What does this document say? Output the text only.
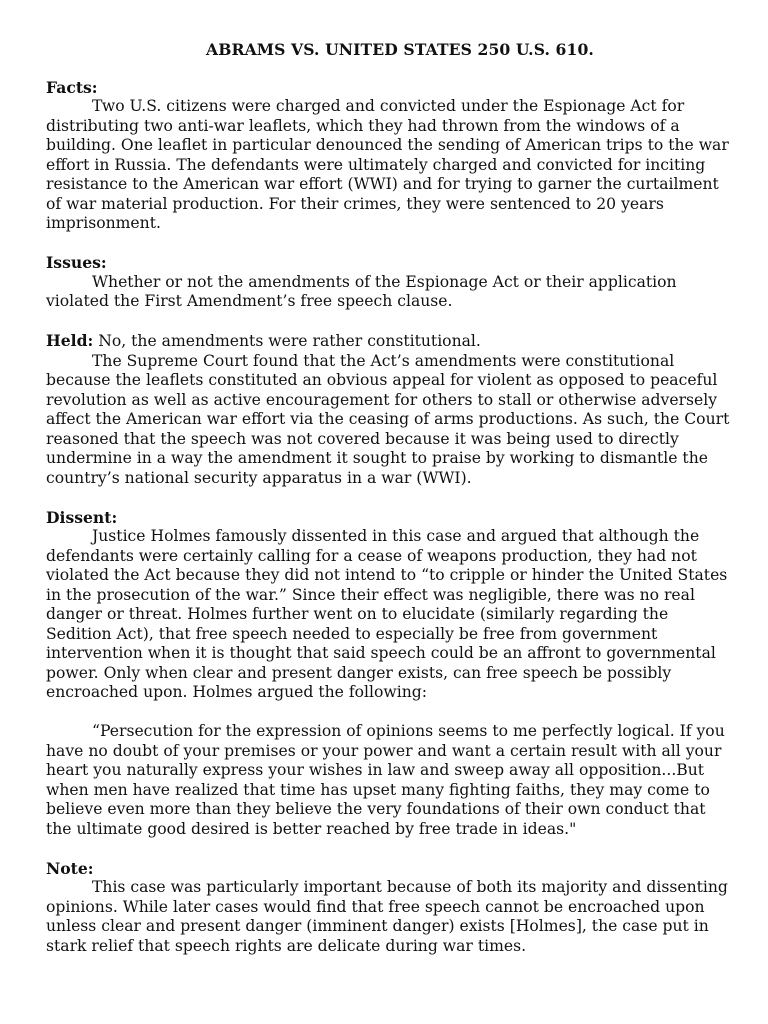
ABRAMS VS. UNITED STATES 250 U.S. 610.

Facts:

Two U.S. citizens were charged and convicted under the Espionage Act for distributing two anti-war leaflets, which they had thrown from the windows of a building. One leaflet in particular denounced the sending of American trips to the war effort in Russia. The defendants were ultimately charged and convicted for inciting resistance to the American war effort (WWI) and for trying to garner the curtailment of war material production. For their crimes, they were sentenced to 20 years imprisonment.

Issues:

Whether or not the amendments of the Espionage Act or their application violated the First Amendment’s free speech clause.

Held: No, the amendments were rather constitutional.

The Supreme Court found that the Act’s amendments were constitutional because the leaflets constituted an obvious appeal for violent as opposed to peaceful revolution as well as active encouragement for others to stall or otherwise adversely affect the American war effort via the ceasing of arms productions. As such, the Court reasoned that the speech was not covered because it was being used to directly undermine in a way the amendment it sought to praise by working to dismantle the country’s national security apparatus in a war (WWI).

Dissent:

Justice Holmes famously dissented in this case and argued that although the defendants were certainly calling for a cease of weapons production, they had not violated the Act because they did not intend to “to cripple or hinder the United States in the prosecution of the war.” Since their effect was negligible, there was no real danger or threat. Holmes further went on to elucidate (similarly regarding the Sedition Act), that free speech needed to especially be free from government intervention when it is thought that said speech could be an affront to governmental power. Only when clear and present danger exists, can free speech be possibly encroached upon. Holmes argued the following:

“Persecution for the expression of opinions seems to me perfectly logical. If you have no doubt of your premises or your power and want a certain result with all your heart you naturally express your wishes in law and sweep away all opposition...But when men have realized that time has upset many fighting faiths, they may come to believe even more than they believe the very foundations of their own conduct that the ultimate good desired is better reached by free trade in ideas."

Note:

This case was particularly important because of both its majority and dissenting opinions. While later cases would find that free speech cannot be encroached upon unless clear and present danger (imminent danger) exists [Holmes], the case put in stark relief that speech rights are delicate during war times.
